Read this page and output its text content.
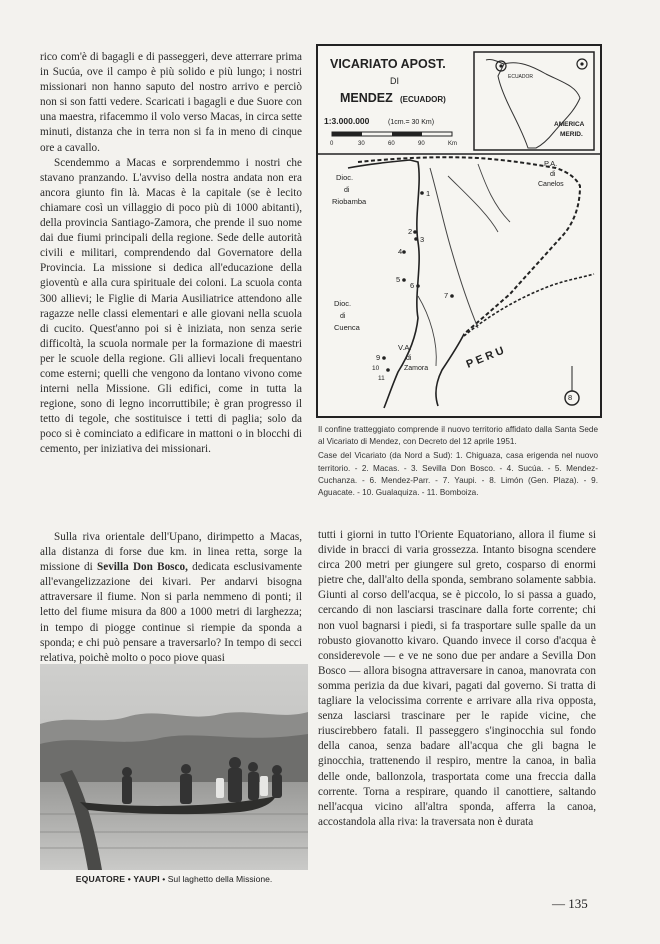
rico com'è di bagagli e di passeggeri, deve atterrare prima in Sucúa, ove il campo è più solido e più lungo; i nostri missionari non hanno saputo del nostro arrivo e perciò non si son fatti vedere. Scaricati i bagagli e due Suore con una maestra, rifacemmo il volo verso Macas, in circa sette minuti, distanza che in terra non si fa in meno di cinque ore a cavallo.

Scendemmo a Macas e sorprendemmo i nostri che stavano pranzando. L'avviso della nostra andata non era ancora giunto fin là. Macas è la capitale (se è lecito chiamare così un villaggio di poco più di 1000 abitanti), della provincia Santiago-Zamora, che prende il suo nome dai due fiumi principali della regione. Sede delle autorità civili e militari, comprendendo dal Governatore della Provincia. La missione si dedica all'educazione della gioventù e alla cura spirituale dei coloni. La scuola conta 300 allievi; le Figlie di Maria Ausiliatrice attendono alle ragazze nelle classi elementari e alle giovani nella scuola di cucito. Quest'anno poi si è iniziata, non senza serie difficoltà, la scuola normale per la formazione di maestri per le scuole della regione. Gli allievi locali frequentano come esterni; quelli che vengono da lontano vivono come interni nella Missione. Gli edifici, come in tutta la regione, sono di legno incorruttibile; è gran progresso il tetto di tegole, che sostituisce i tetti di paglia; solo da poco si è cominciato a edificare in mattoni o in blocchi di cemento, per iniziativa dei missionari.

Sulla riva orientale dell'Upano, dirimpetto a Macas, alla distanza di forse due km. in linea retta, sorge la missione di Sevilla Don Bosco, dedicata esclusivamente all'evangelizzazione dei kivari. Per andarvi bisogna attraversare il fiume. Non si parla nemmeno di ponti; il letto del fiume misura da 800 a 1000 metri di larghezza; in tempo di piogge continue si riempie da sponda a sponda; e chi può pensare a traversarlo? In tempo di secci relativa, poichè molto o poco piove quasi

tutti i giorni in tutto l'Oriente Equatoriano, allora il fiume si divide in bracci di varia grossezza. Intanto bisogna scendere circa 200 metri per giungere sul greto, cosparso di enormi pietre che, dall'alto della sponda, sembrano solamente sabbia. Giunti al corso dell'acqua, se è piccolo, lo si passa a guado, cercando di non lasciarsi trascinare dalla forte corrente; chi non vuol bagnarsi i piedi, si fa trasportare sulle spalle da un robusto giovanotto kivaro. Quando invece il corso d'acqua è considerevole — e ve ne sono due per andare a Sevilla Don Bosco — allora bisogna attraversare in canoa, manovrata con somma perizia da due kivari, pagati dal governo. Si tratta di tagliare la velocissima corrente e arrivare alla riva opposta, senza lasciarsi trascinare per le rapide vicine, che riuscirebbero fatali. Il passeggero s'inginocchia sul fondo della canoa, senza badare all'acqua che gli bagna le ginocchia, trattenendo il respiro, mentre la canoa, in balìa delle onde, ballonzola, trasportata come una freccia dalla corrente. Torna a respirare, quando il canottiere, saltando nell'acqua vicino all'altra sponda, afferra la canoa, accostandola alla riva: la traversata non è durata

VICARIATO APOST.
DI
MENDEZ (ECUADOR)
1:3.000.000	(1cm.= 30 Km)
0	30	60	90	Km
ECUADOR
AMERICA
MERID.
Dioc.
di
Riobamba
Dioc.
di
Cuenca
P.A.
di
Canelos
V.A.
di
Zamora	P E R U
1
2
3
4
5
6
7
8
9
10
11

Il confine tratteggiato comprende il nuovo territorio affidato dalla Santa Sede al Vicariato di Mendez, con Decreto del 12 aprile 1951.

Case del Vicariato (da Nord a Sud): 1. Chiguaza, casa erigenda nel nuovo territorio. - 2. Macas. - 3. Sevilla Don Bosco. - 4. Sucúa. - 5. Mendez-Cuchanza. - 6. Mendez-Parr. - 7. Yaupi. - 8. Limón (Gen. Plaza). - 9. Aguacate. - 10. Gualaquiza. - 11. Bomboiza.

EQUATORE • YAUPI • Sul laghetto della Missione.
— 135
